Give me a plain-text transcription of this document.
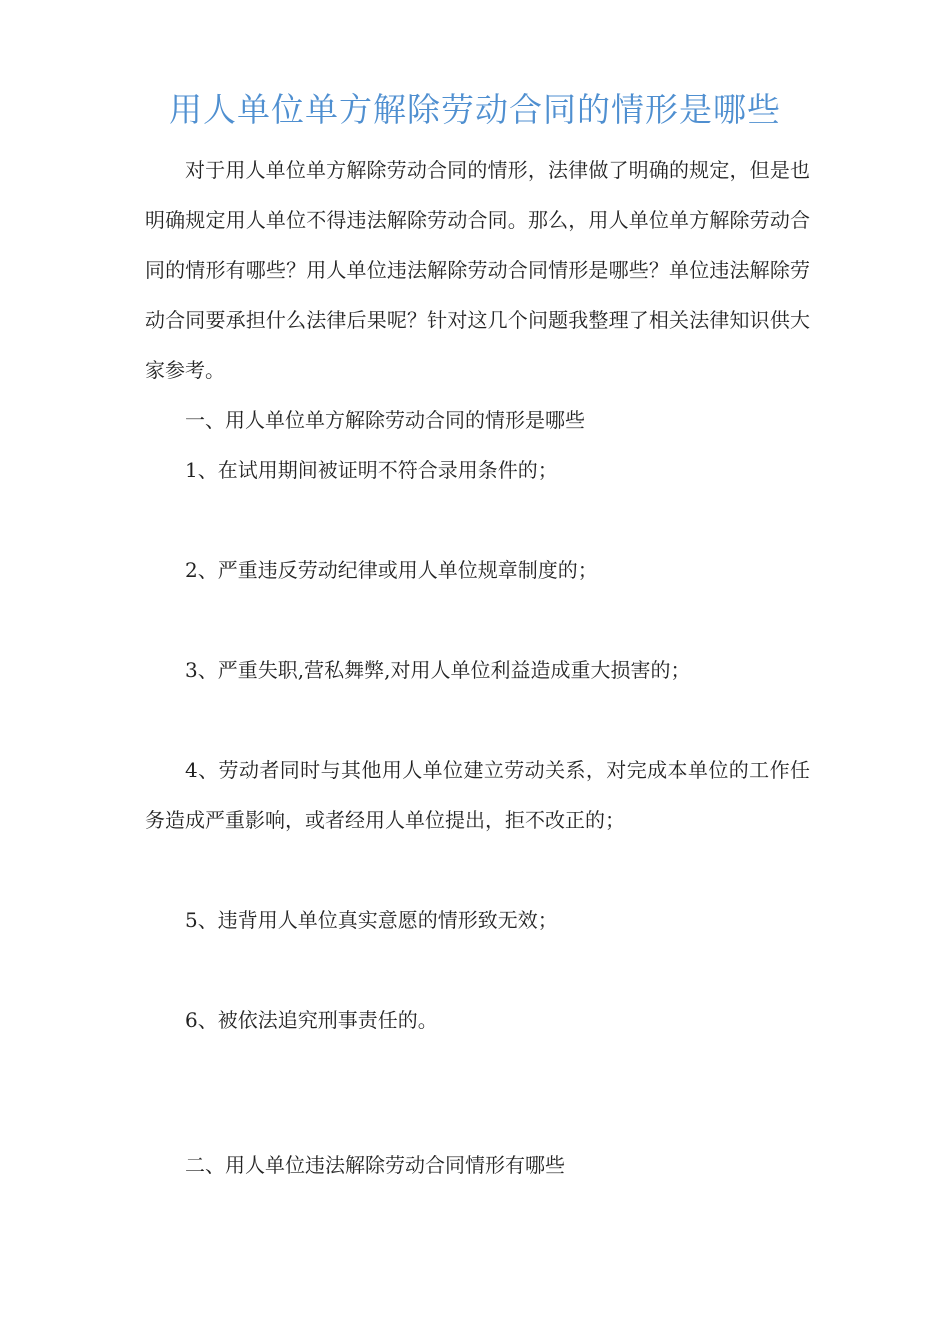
用人单位单方解除劳动合同的情形是哪些

对于用人单位单方解除劳动合同的情形，法律做了明确的规定，但是也明确规定用人单位不得违法解除劳动合同。那么，用人单位单方解除劳动合同的情形有哪些？用人单位违法解除劳动合同情形是哪些？单位违法解除劳动合同要承担什么法律后果呢？针对这几个问题我整理了相关法律知识供大家参考。

一、用人单位单方解除劳动合同的情形是哪些

1、在试用期间被证明不符合录用条件的；

2、严重违反劳动纪律或用人单位规章制度的；

3、严重失职,营私舞弊,对用人单位利益造成重大损害的；

4、劳动者同时与其他用人单位建立劳动关系，对完成本单位的工作任务造成严重影响，或者经用人单位提出，拒不改正的；

5、违背用人单位真实意愿的情形致无效；

6、被依法追究刑事责任的。

二、用人单位违法解除劳动合同情形有哪些
